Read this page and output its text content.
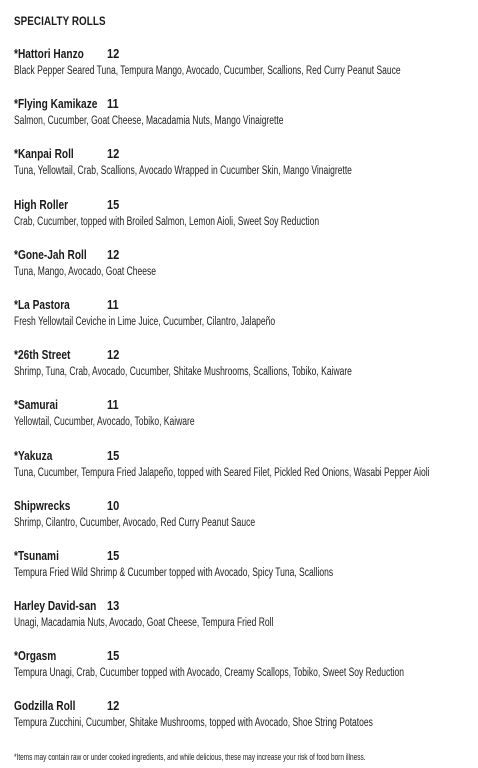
SPECIALTY ROLLS
*Hattori Hanzo 12
Black Pepper Seared Tuna, Tempura Mango, Avocado, Cucumber, Scallions, Red Curry Peanut Sauce
*Flying Kamikaze 11
Salmon, Cucumber, Goat Cheese, Macadamia Nuts, Mango Vinaigrette
*Kanpai Roll	12
Tuna, Yellowtail, Crab, Scallions, Avocado Wrapped in Cucumber Skin, Mango Vinaigrette
High Roller	15
Crab, Cucumber, topped with Broiled Salmon, Lemon Aioli, Sweet Soy Reduction
*Gone-Jah Roll 12
Tuna, Mango, Avocado, Goat Cheese
*La Pastora	11
Fresh Yellowtail Ceviche in Lime Juice, Cucumber, Cilantro, Jalapeño
*26th Street	12
Shrimp, Tuna, Crab, Avocado, Cucumber, Shitake Mushrooms, Scallions, Tobiko, Kaiware
*Samurai	11
Yellowtail, Cucumber, Avocado, Tobiko, Kaiware
*Yakuza	15
Tuna, Cucumber, Tempura Fried Jalapeño, topped with Seared Filet, Pickled Red Onions, Wasabi Pepper Aioli
Shipwrecks	10
Shrimp, Cilantro, Cucumber, Avocado, Red Curry Peanut Sauce
*Tsunami	15
Tempura Fried Wild Shrimp & Cucumber topped with Avocado, Spicy Tuna, Scallions
Harley David-san 13
Unagi, Macadamia Nuts, Avocado, Goat Cheese, Tempura Fried Roll
*Orgasm	15
Tempura Unagi, Crab, Cucumber topped with Avocado, Creamy Scallops, Tobiko, Sweet Soy Reduction
Godzilla Roll 12
Tempura Zucchini, Cucumber, Shitake Mushrooms, topped with Avocado, Shoe String Potatoes
*Items may contain raw or under cooked ingredients, and while delicious, these may increase your risk of food born illness.
